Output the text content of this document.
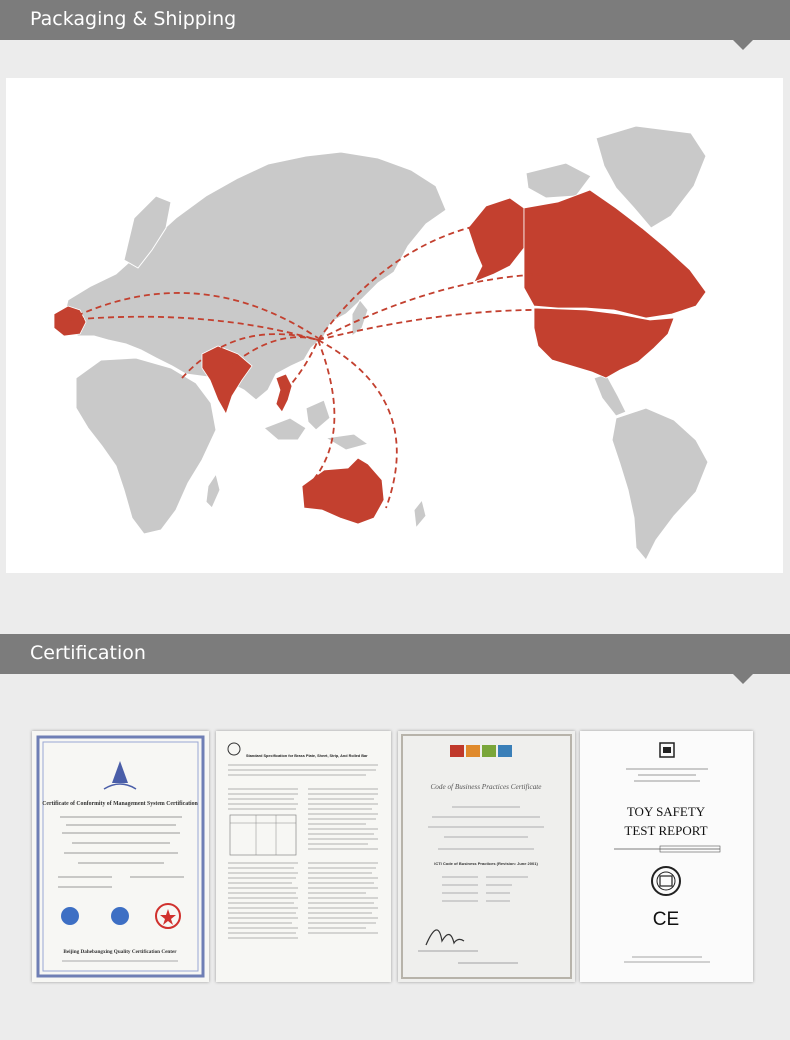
Packaging & Shipping
Certification
Certificate of Conformity of Management System Certification
Beijing Dahebangxing Quality Certification Center
Standard Specification for Brass Plate, Sheet, Strip, And Rolled Bar
Code of Business Practices Certificate
ICTI Code of Business Practices (Revision: June 2001)
TOY SAFETY
TEST REPORT
CE
